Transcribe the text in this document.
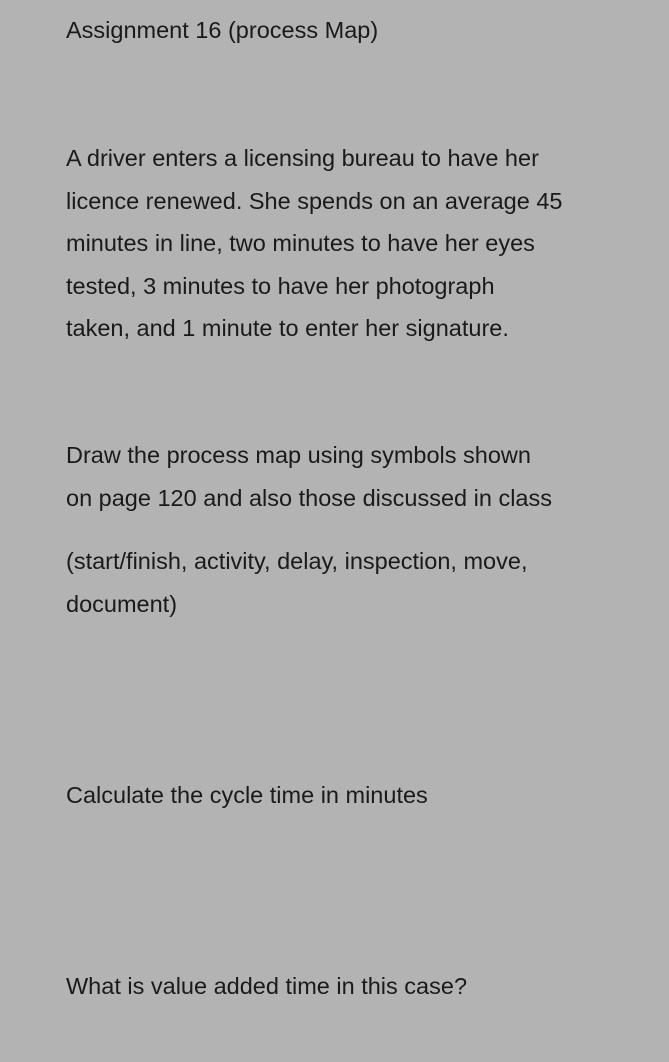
Assignment 16 (process Map)

A driver enters a licensing bureau to have her
licence renewed. She spends on an average 45
minutes in line, two minutes to have her eyes
tested, 3 minutes to have her photograph
taken, and 1 minute to enter her signature.

Draw the process map using symbols shown
on page 120 and also those discussed in class

(start/finish, activity, delay, inspection, move,
document)

Calculate the cycle time in minutes

What is value added time in this case?
